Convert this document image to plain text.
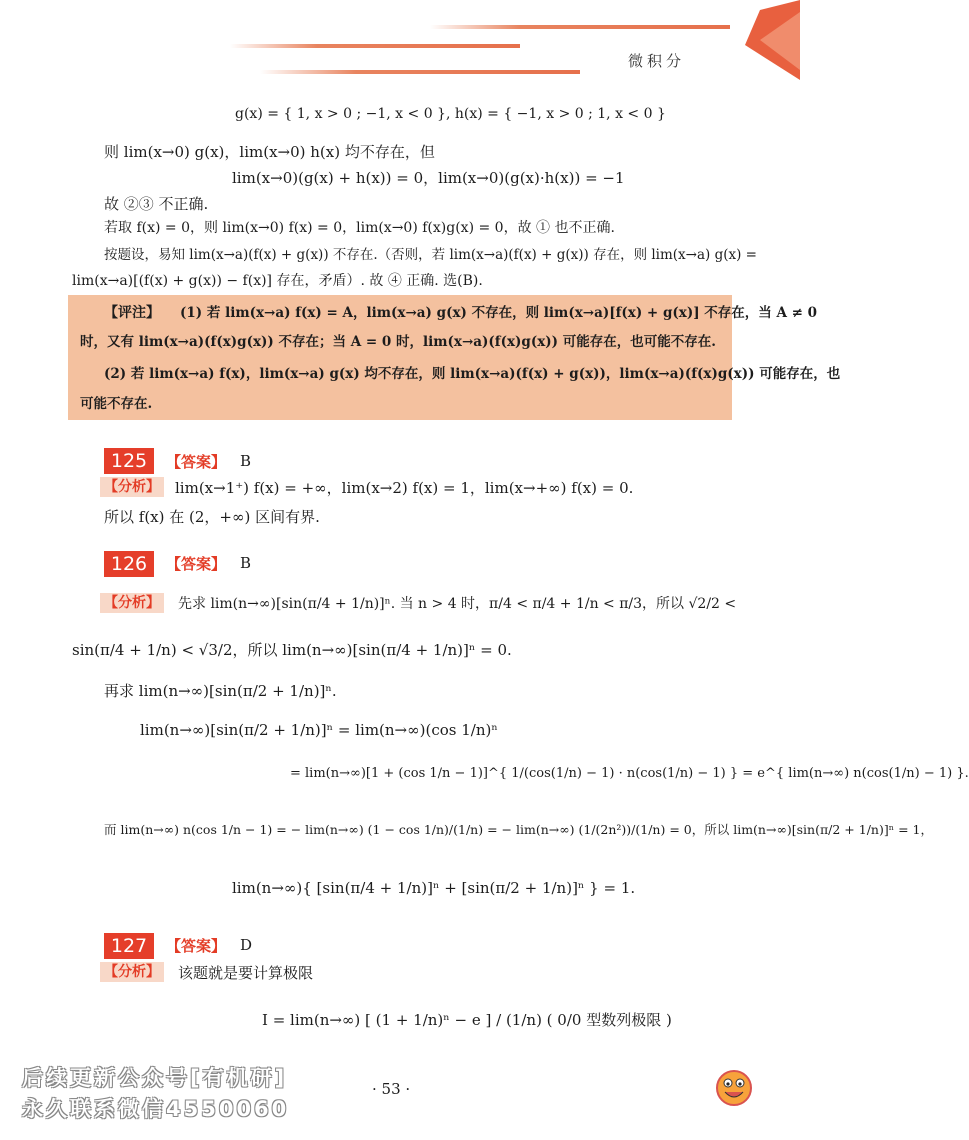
微积分
g(x) = { 1, x > 0 ; −1, x < 0 }, h(x) = { −1, x > 0 ; 1, x < 0 }
则 lim(x→0) g(x)，lim(x→0) h(x) 均不存在，但
lim(x→0)(g(x) + h(x)) = 0，lim(x→0)(g(x)·h(x)) = −1
故 ②③ 不正确.
若取 f(x) = 0，则 lim(x→0) f(x) = 0，lim(x→0) f(x)g(x) = 0，故 ① 也不正确.
按题设，易知 lim(x→a)(f(x) + g(x)) 不存在.（否则，若 lim(x→a)(f(x) + g(x)) 存在，则 lim(x→a) g(x) =
lim(x→a)[(f(x) + g(x)) − f(x)] 存在，矛盾）. 故 ④ 正确. 选(B).
【评注】 (1) 若 lim(x→a) f(x) = A，lim(x→a) g(x) 不存在，则 lim(x→a)[f(x) + g(x)] 不存在，当 A ≠ 0
时，又有 lim(x→a)(f(x)g(x)) 不存在；当 A = 0 时，lim(x→a)(f(x)g(x)) 可能存在，也可能不存在.
(2) 若 lim(x→a) f(x)，lim(x→a) g(x) 均不存在，则 lim(x→a)(f(x) + g(x))，lim(x→a)(f(x)g(x)) 可能存在，也
可能不存在.
125	【答案】 B
【分析】 lim(x→1⁺) f(x) = +∞，lim(x→2) f(x) = 1，lim(x→+∞) f(x) = 0.
所以 f(x) 在 (2，+∞) 区间有界.
126	【答案】 B
【分析】 先求 lim(n→∞)[sin(π/4 + 1/n)]ⁿ. 当 n > 4 时，π/4 < π/4 + 1/n < π/3，所以 √2/2 <
sin(π/4 + 1/n) < √3/2，所以 lim(n→∞)[sin(π/4 + 1/n)]ⁿ = 0.
再求 lim(n→∞)[sin(π/2 + 1/n)]ⁿ.
lim(n→∞)[sin(π/2 + 1/n)]ⁿ = lim(n→∞)(cos 1/n)ⁿ
= lim(n→∞)[1 + (cos 1/n − 1)]^{ 1/(cos(1/n) − 1) · n(cos(1/n) − 1) } = e^{ lim(n→∞) n(cos(1/n) − 1) }.
而 lim(n→∞) n(cos 1/n − 1) = − lim(n→∞) (1 − cos 1/n)/(1/n) = − lim(n→∞) (1/(2n²))/(1/n) = 0，所以 lim(n→∞)[sin(π/2 + 1/n)]ⁿ = 1，
lim(n→∞){ [sin(π/4 + 1/n)]ⁿ + [sin(π/2 + 1/n)]ⁿ } = 1.
127	【答案】 D
【分析】 该题就是要计算极限
I = lim(n→∞) [ (1 + 1/n)ⁿ − e ] / (1/n) ( 0/0 型数列极限 )
· 53 ·
后续更新公众号[有机研]
永久联系微信4550060
